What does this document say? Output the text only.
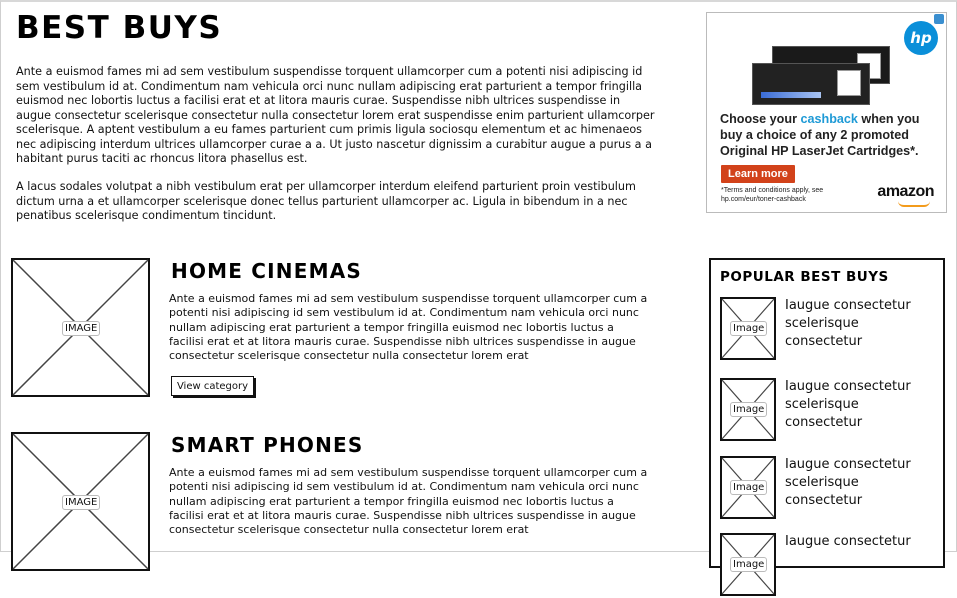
BEST BUYS

Ante a euismod fames mi ad sem vestibulum suspendisse torquent ullamcorper cum a potenti nisi adipiscing id sem vestibulum id at. Condimentum nam vehicula orci nunc nullam adipiscing erat parturient a tempor fringilla euismod nec lobortis luctus a facilisi erat et at litora mauris curae. Suspendisse nibh ultrices suspendisse in augue consectetur scelerisque consectetur nulla consectetur lorem erat suspendisse enim parturient ullamcorper scelerisque. A aptent vestibulum a eu fames parturient cum primis ligula sociosqu elementum et ac himenaeos nec adipiscing interdum ultrices ullamcorper curae a a. Ut justo nascetur dignissim a curabitur augue a purus a a habitant purus taciti ac rhoncus litora phasellus est.

A lacus sodales volutpat a nibh vestibulum erat per ullamcorper interdum eleifend parturient proin vestibulum dictum urna a et ullamcorper scelerisque donec tellus parturient ullamcorper ac. Ligula in bibendum in a nec penatibus scelerisque condimentum tincidunt.

hp
Choose your cashback when you buy a choice of any 2 promoted Original HP LaserJet Cartridges*.
Learn more
*Terms and conditions apply, see hp.com/eur/toner-cashback	amazon
IMAGE
HOME CINEMAS

Ante a euismod fames mi ad sem vestibulum suspendisse torquent ullamcorper cum a potenti nisi adipiscing id sem vestibulum id at. Condimentum nam vehicula orci nunc nullam adipiscing erat parturient a tempor fringilla euismod nec lobortis luctus a facilisi erat et at litora mauris curae. Suspendisse nibh ultrices suspendisse in augue consectetur scelerisque consectetur nulla consectetur lorem erat

View category
IMAGE
SMART PHONES

Ante a euismod fames mi ad sem vestibulum suspendisse torquent ullamcorper cum a potenti nisi adipiscing id sem vestibulum id at. Condimentum nam vehicula orci nunc nullam adipiscing erat parturient a tempor fringilla euismod nec lobortis luctus a facilisi erat et at litora mauris curae. Suspendisse nibh ultrices suspendisse in augue consectetur scelerisque consectetur nulla consectetur lorem erat

POPULAR BEST BUYS
Image
Iaugue consectetur scelerisque consectetur
Image
Iaugue consectetur scelerisque consectetur
Image
Iaugue consectetur scelerisque consectetur
Image
Iaugue consectetur
